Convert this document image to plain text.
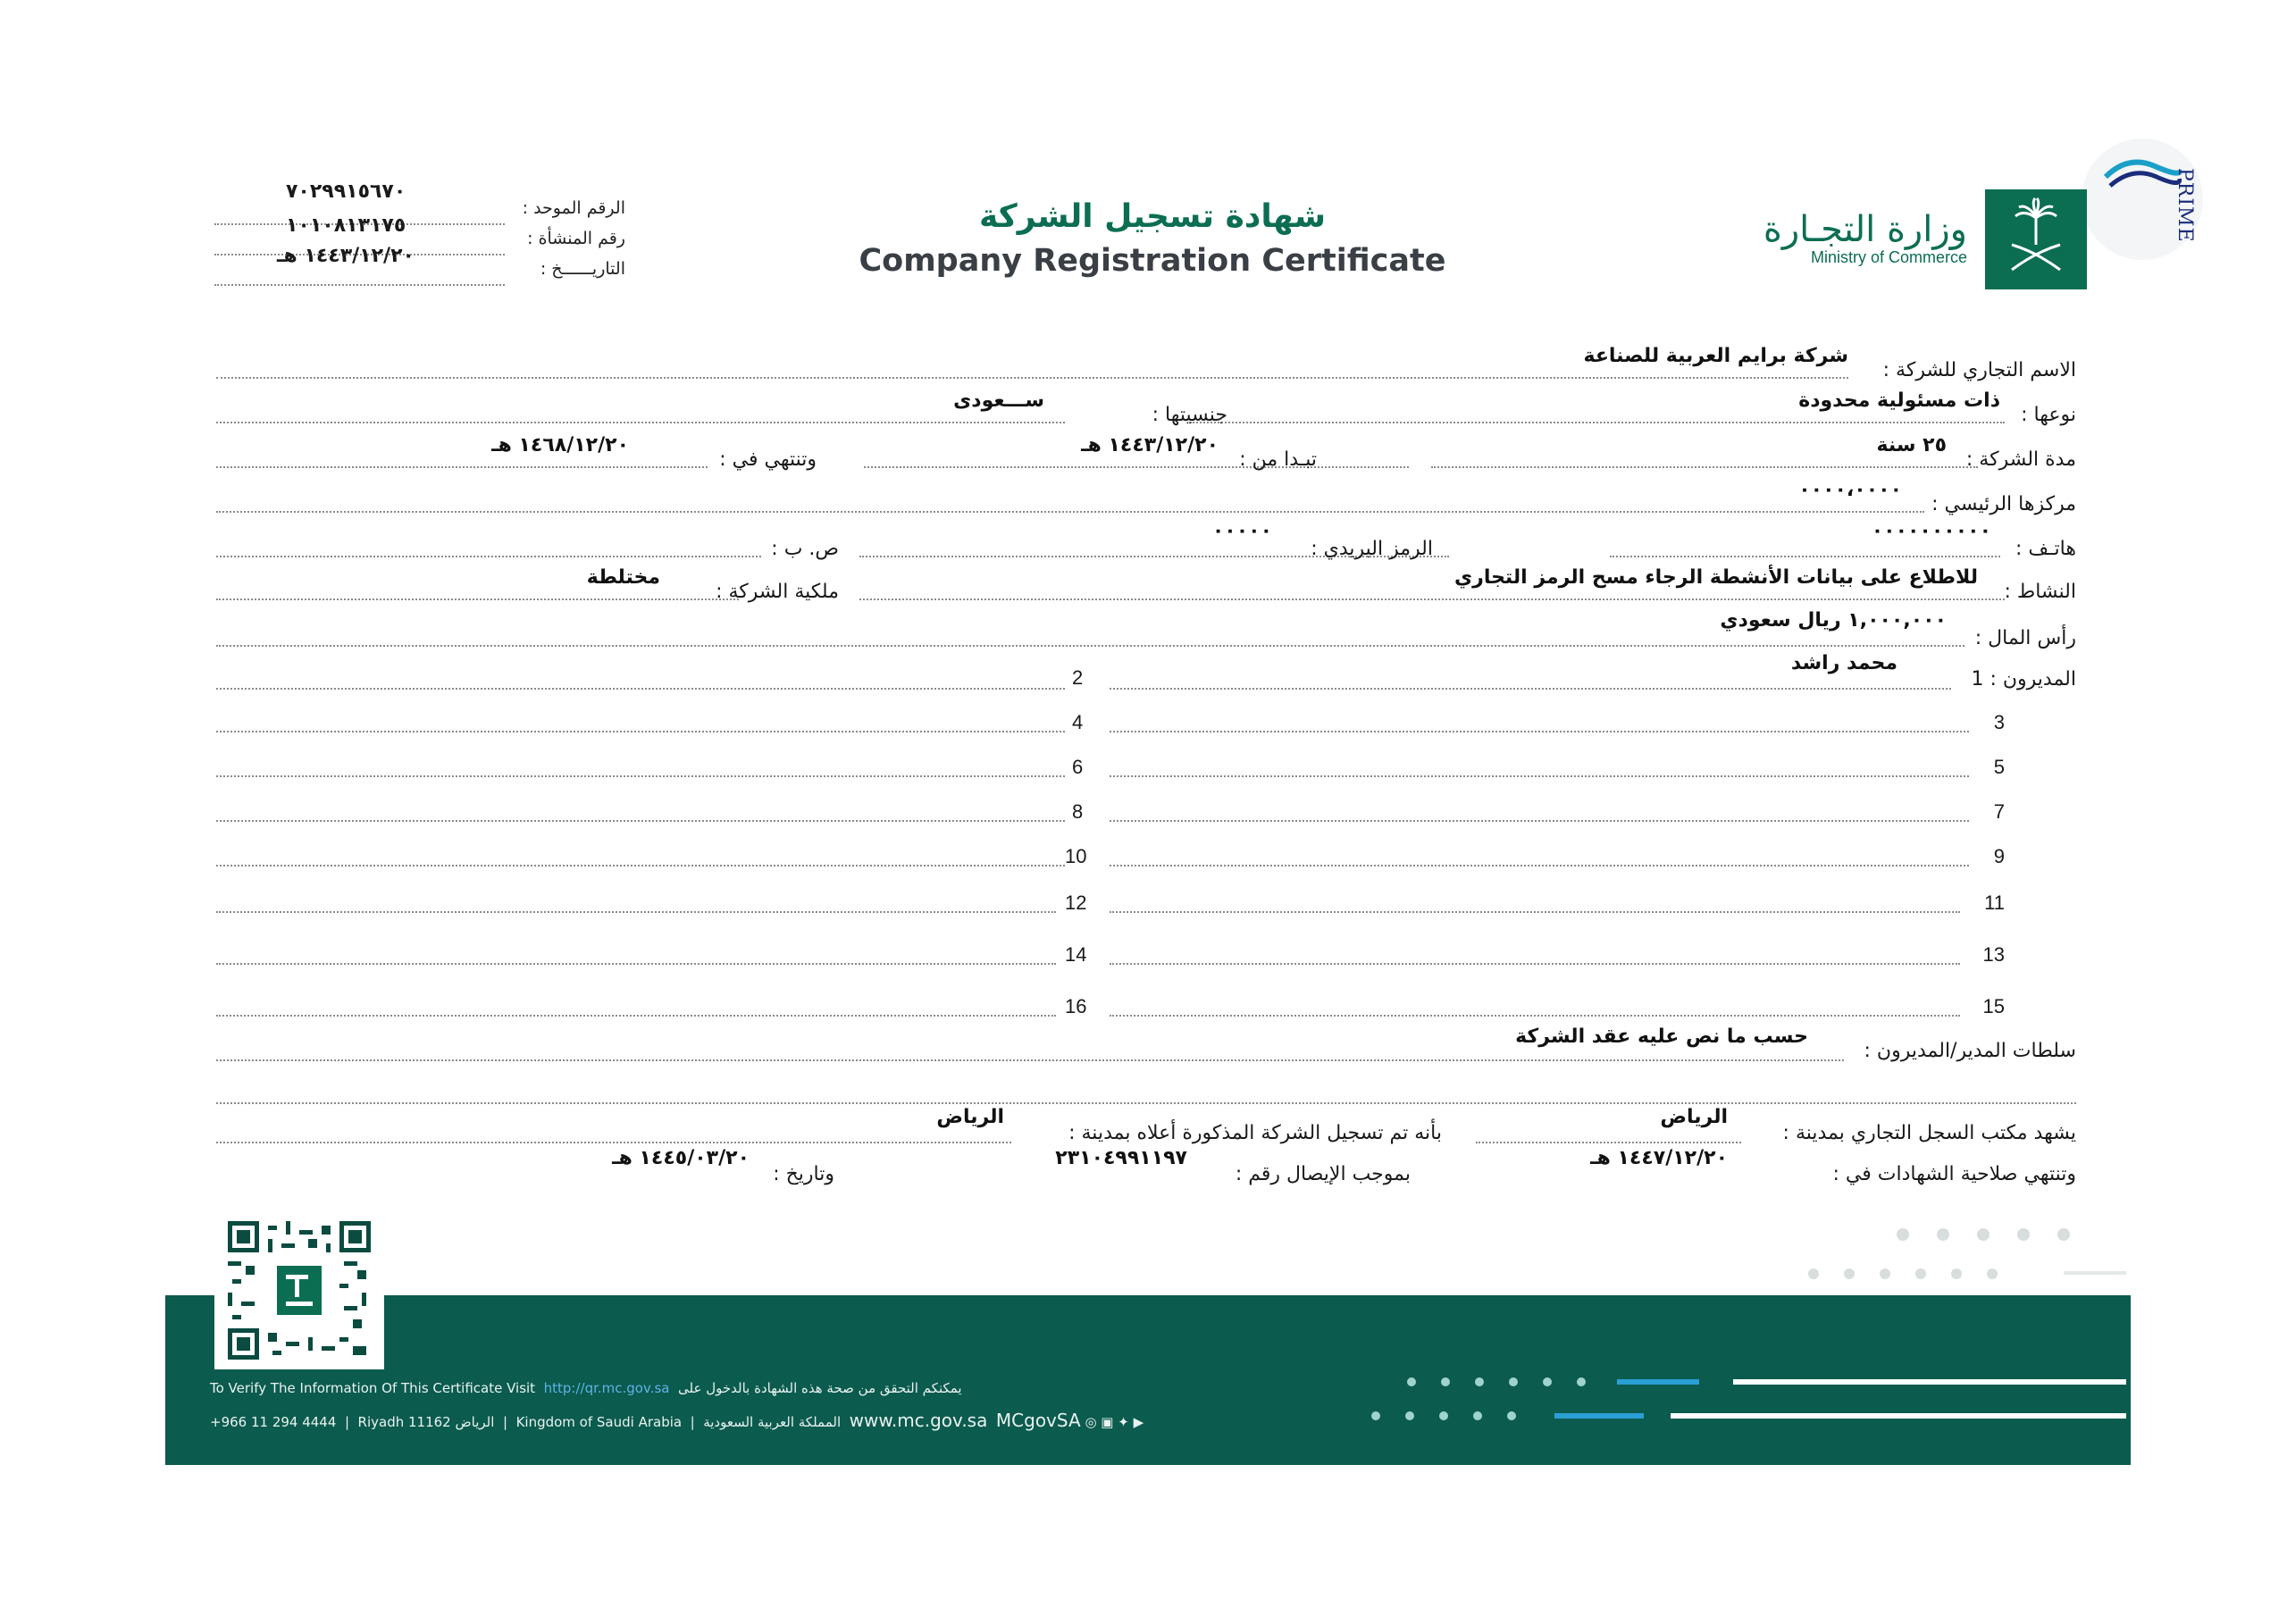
PRIME
وزارة التجـارة
Ministry of Commerce
شهادة تسجيل الشركة
Company Registration Certificate
الرقم الموحد :
٧٠٢٩٩١٥٦٧٠
رقم المنشأة :
١٠١٠٨١٣١٧٥
التاريــــــخ :
١٤٤٣/١٢/٢٠ هـ
الاسم التجاري للشركة :
شركة برايم العربية للصناعة
نوعها :
ذات مسئولية محدودة
جنسيتها :
ســـعودى
مدة الشركة :
٢٥ سنة
تبـدا من :
١٤٤٣/١٢/٢٠ هـ
وتنتهي في :
١٤٦٨/١٢/٢٠ هـ
مركزها الرئيسي :
٠٠٠٠،٠٠٠٠
هاتـف :
٠٠٠٠٠٠٠٠٠٠
الرمز البريدي :
٠٠٠٠٠
ص. ب :
النشاط :
للاطلاع على بيانات الأنشطة الرجاء مسح الرمز التجاري
ملكية الشركة :
مختلطة
رأس المال :
١,٠٠٠,٠٠٠ ريال سعودي
المديرون : 1
محمد راشد
2
3
4
5
6
7
8
9
10
11
12
13
14
15
16
سلطات المدير/المديرون :
حسب ما نص عليه عقد الشركة
يشهد مكتب السجل التجاري بمدينة :
الرياض
بأنه تم تسجيل الشركة المذكورة أعلاه بمدينة :
الرياض
وتنتهي صلاحية الشهادات في :
١٤٤٧/١٢/٢٠ هـ
بموجب الإيصال رقم :
٢٣١٠٤٩٩١١٩٧
وتاريخ :
١٤٤٥/٠٣/٢٠ هـ
To Verify The Information Of This Certificate Visit http://qr.mc.gov.sa يمكنكم التحقق من صحة هذه الشهادة بالدخول على
+966 11 294 4444  |  Riyadh 11162 الرياض  |  Kingdom of Saudi Arabia  |  المملكة العربية السعودية www.mc.gov.sa MCgovSA ◎ ▣ ✦ ▶
